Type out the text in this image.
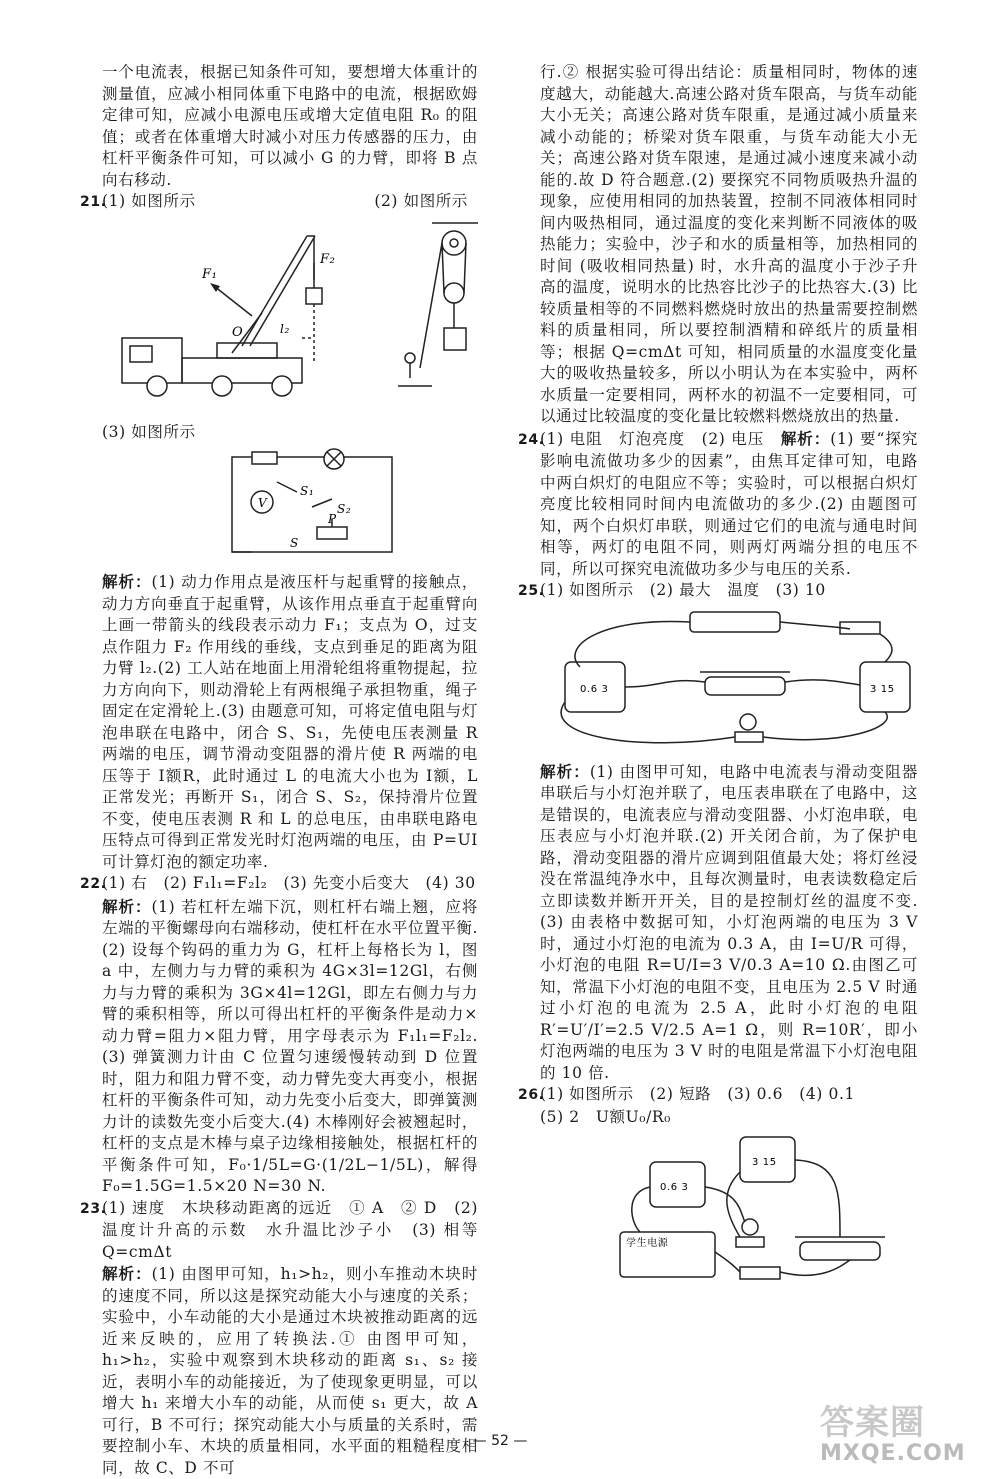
一个电流表，根据已知条件可知，要想增大体重计的测量值，应减小相同体重下电路中的电流，根据欧姆定律可知，应减小电源电压或增大定值电阻 R₀ 的阻值；或者在体重增大时减小对压力传感器的压力，由杠杆平衡条件可知，可以减小 G 的力臂，即将 B 点向右移动.

21.(1) 如图所示	(2) 如图所示
F₁
F₂
O	l₂
(3) 如图所示
V
S₁
S₂
S
P

解析：(1) 动力作用点是液压杆与起重臂的接触点，动力方向垂直于起重臂，从该作用点垂直于起重臂向上画一带箭头的线段表示动力 F₁；支点为 O，过支点作阻力 F₂ 作用线的垂线，支点到垂足的距离为阻力臂 l₂.(2) 工人站在地面上用滑轮组将重物提起，拉力方向向下，则动滑轮上有两根绳子承担物重，绳子固定在定滑轮上.(3) 由题意可知，可将定值电阻与灯泡串联在电路中，闭合 S、S₁，先使电压表测量 R 两端的电压，调节滑动变阻器的滑片使 R 两端的电压等于 I额R，此时通过 L 的电流大小也为 I额，L 正常发光；再断开 S₁，闭合 S、S₂，保持滑片位置不变，使电压表测 R 和 L 的总电压，由串联电路电压特点可得到正常发光时灯泡两端的电压，由 P=UI 可计算灯泡的额定功率.

22.(1) 右　(2) F₁l₁=F₂l₂　(3) 先变小后变大　(4) 30

解析：(1) 若杠杆左端下沉，则杠杆右端上翘，应将左端的平衡螺母向右端移动，使杠杆在水平位置平衡.(2) 设每个钩码的重力为 G，杠杆上每格长为 l，图 a 中，左侧力与力臂的乘积为 4G×3l=12Gl，右侧力与力臂的乘积为 3G×4l=12Gl，即左右侧力与力臂的乘积相等，所以可得出杠杆的平衡条件是动力×动力臂=阻力×阻力臂，用字母表示为 F₁l₁=F₂l₂.(3) 弹簧测力计由 C 位置匀速缓慢转动到 D 位置时，阻力和阻力臂不变，动力臂先变大再变小，根据杠杆的平衡条件可知，动力先变小后变大，即弹簧测力计的读数先变小后变大.(4) 木棒刚好会被翘起时，杠杆的支点是木棒与桌子边缘相接触处，根据杠杆的平衡条件可知，F₀·1/5L=G·(1/2L−1/5L)，解得 F₀=1.5G=1.5×20 N=30 N.

23.(1) 速度　木块移动距离的远近　① A　② D　(2) 温度计升高的示数　水升温比沙子小　(3) 相等　Q=cmΔt

解析：(1) 由图甲可知，h₁>h₂，则小车推动木块时的速度不同，所以这是探究动能大小与速度的关系；实验中，小车动能的大小是通过木块被推动距离的远近来反映的，应用了转换法.① 由图甲可知，h₁>h₂，实验中观察到木块移动的距离 s₁、s₂ 接近，表明小车的动能接近，为了使现象更明显，可以增大 h₁ 来增大小车的动能，从而使 s₁ 更大，故 A 可行，B 不可行；探究动能大小与质量的关系时，需要控制小车、木块的质量相同，水平面的粗糙程度相同，故 C、D 不可

行.② 根据实验可得出结论：质量相同时，物体的速度越大，动能越大.高速公路对货车限高，与货车动能大小无关；高速公路对货车限重，是通过减小质量来减小动能的；桥梁对货车限重，与货车动能大小无关；高速公路对货车限速，是通过减小速度来减小动能的.故 D 符合题意.(2) 要探究不同物质吸热升温的现象，应使用相同的加热装置，控制不同液体相同时间内吸热相同，通过温度的变化来判断不同液体的吸热能力；实验中，沙子和水的质量相等，加热相同的时间 (吸收相同热量) 时，水升高的温度小于沙子升高的温度，说明水的比热容比沙子的比热容大.(3) 比较质量相等的不同燃料燃烧时放出的热量需要控制燃料的质量相同，所以要控制酒精和碎纸片的质量相等；根据 Q=cmΔt 可知，相同质量的水温度变化量大的吸收热量较多，所以小明认为在本实验中，两杯水质量一定要相同，两杯水的初温不一定要相同，可以通过比较温度的变化量比较燃料燃烧放出的热量.

24.(1) 电阻　灯泡亮度　(2) 电压　 解析：(1) 要“探究影响电流做功多少的因素”，由焦耳定律可知，电路中两白炽灯的电阻应不等；实验时，可以根据白炽灯亮度比较相同时间内电流做功的多少.(2) 由题图可知，两个白炽灯串联，则通过它们的电流与通电时间相等，两灯的电阻不同，则两灯两端分担的电压不同，所以可探究电流做功多少与电压的关系.
25.(1) 如图所示　(2) 最大　温度　(3) 10
0.6 3	3 15

解析：(1) 由图甲可知，电路中电流表与滑动变阻器串联后与小灯泡并联了，电压表串联在了电路中，这是错误的，电流表应与滑动变阻器、小灯泡串联，电压表应与小灯泡并联.(2) 开关闭合前，为了保护电路，滑动变阻器的滑片应调到阻值最大处；将灯丝浸没在常温纯净水中，且每次测量时，电表读数稳定后立即读数并断开开关，目的是控制灯丝的温度不变.(3) 由表格中数据可知，小灯泡两端的电压为 3 V 时，通过小灯泡的电流为 0.3 A，由 I=U/R 可得，小灯泡的电阻 R=U/I=3 V/0.3 A=10 Ω.由图乙可知，常温下小灯泡的电阻不变，且电压为 2.5 V 时通过小灯泡的电流为 2.5 A，此时小灯泡的电阻 R′=U′/I′=2.5 V/2.5 A=1 Ω，则 R=10R′，即小灯泡两端的电压为 3 V 时的电阻是常温下小灯泡电阻的 10 倍.

26.(1) 如图所示　(2) 短路　(3) 0.6　(4) 0.1
(5) 2　U额U₀/R₀
学生电源
0.6 3
3 15
— 52 —	答案圈
MXQE.COM
